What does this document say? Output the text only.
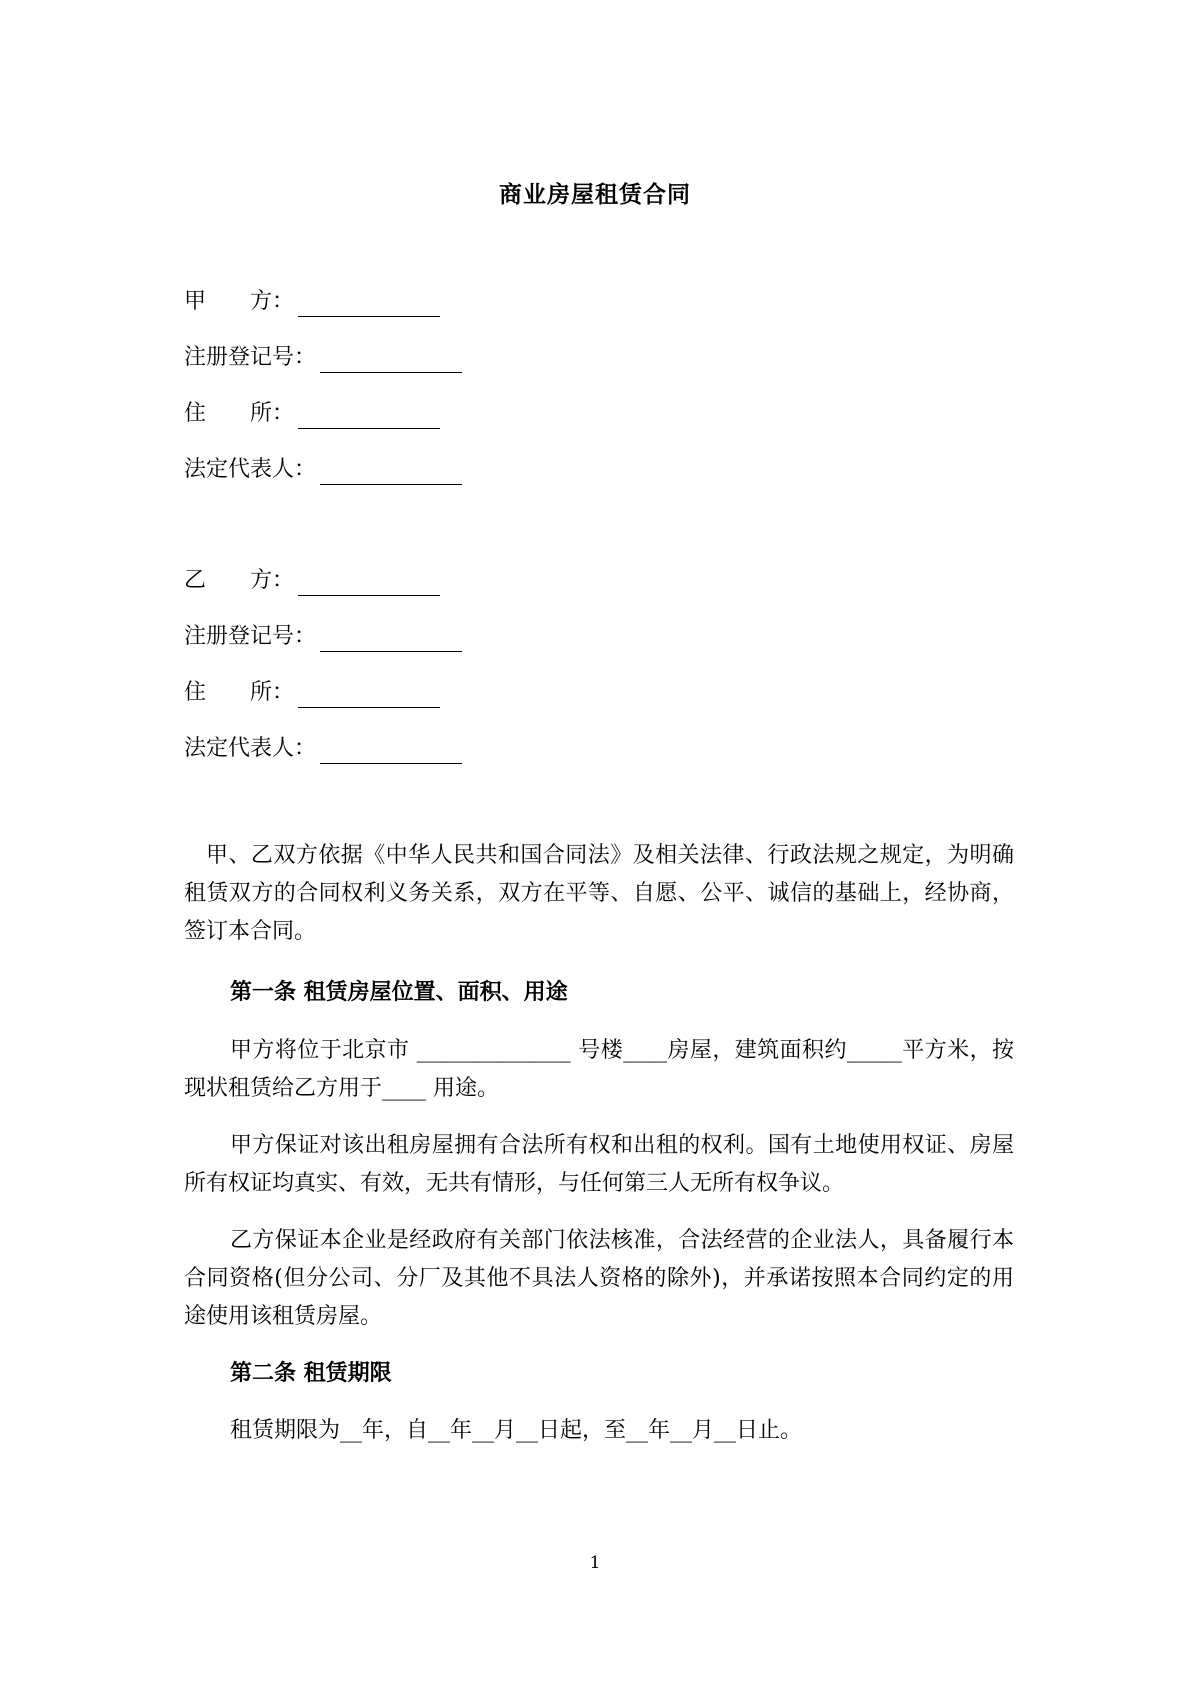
商业房屋租赁合同
甲　　方：
注册登记号：
住　　所：
法定代表人：
乙　　方：
注册登记号：
住　　所：
法定代表人：

甲、乙双方依据《中华人民共和国合同法》及相关法律、行政法规之规定，为明确租赁双方的合同权利义务关系，双方在平等、自愿、公平、诚信的基础上，经协商，签订本合同。

第一条 租赁房屋位置、面积、用途

甲方将位于北京市 ______________ 号楼____房屋，建筑面积约_____平方米，按现状租赁给乙方用于____ 用途。

甲方保证对该出租房屋拥有合法所有权和出租的权利。国有土地使用权证、房屋所有权证均真实、有效，无共有情形，与任何第三人无所有权争议。

乙方保证本企业是经政府有关部门依法核准，合法经营的企业法人，具备履行本合同资格(但分公司、分厂及其他不具法人资格的除外)，并承诺按照本合同约定的用途使用该租赁房屋。

第二条 租赁期限

租赁期限为__年，自__年__月__日起，至__年__月__日止。

1
